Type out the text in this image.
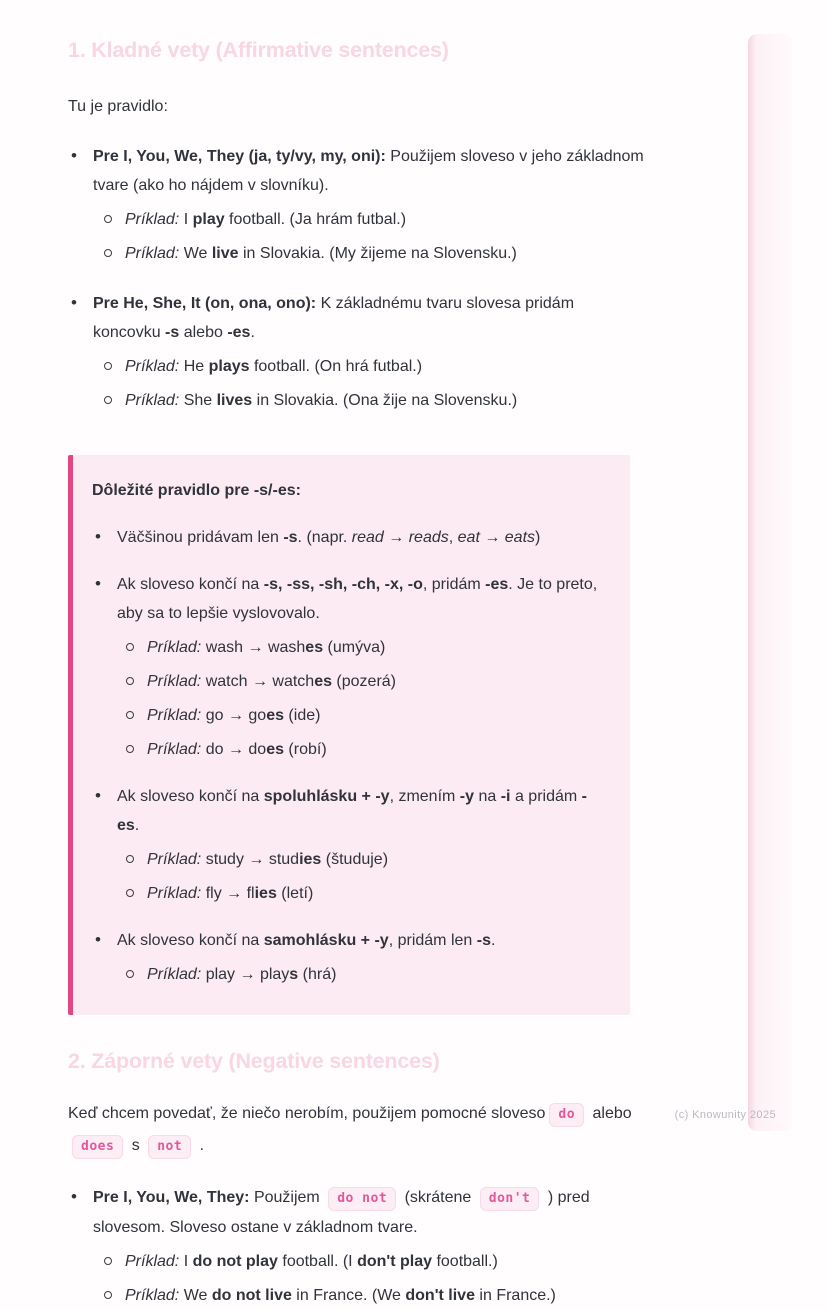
1. Kladné vety (Affirmative sentences)

Tu je pravidlo:

•
Pre I, You, We, They (ja, ty/vy, my, oni): Použijem sloveso v jeho základnom tvare (ako ho nájdem v slovníku).
Príklad: I play football. (Ja hrám futbal.)
Príklad: We live in Slovakia. (My žijeme na Slovensku.)
•
Pre He, She, It (on, ona, ono): K základnému tvaru slovesa pridám koncovku -s alebo -es.
Príklad: He plays football. (On hrá futbal.)
Príklad: She lives in Slovakia. (Ona žije na Slovensku.)

Dôležité pravidlo pre -s/-es:

•
Väčšinou pridávam len -s. (napr. read → reads, eat → eats)
•
Ak sloveso končí na -s, -ss, -sh, -ch, -x, -o, pridám -es. Je to preto, aby sa to lepšie vyslovovalo.
Príklad: wash → washes (umýva)
Príklad: watch → watches (pozerá)
Príklad: go → goes (ide)
Príklad: do → does (robí)
•
Ak sloveso končí na spoluhlásku + -y, zmením -y na -i a pridám -es.
Príklad: study → studies (študuje)
Príklad: fly → flies (letí)
•
Ak sloveso končí na samohlásku + -y, pridám len -s.
Príklad: play → plays (hrá)
2. Záporné vety (Negative sentences)

Keď chcem povedať, že niečo nerobím, použijem pomocné sloveso do alebo does s not .

•
Pre I, You, We, They: Použijem do not (skrátene don't ) pred slovesom. Sloveso ostane v základnom tvare.
Príklad: I do not play football. (I don't play football.)
Príklad: We do not live in France. (We don't live in France.)
(c) Knowunity 2025
